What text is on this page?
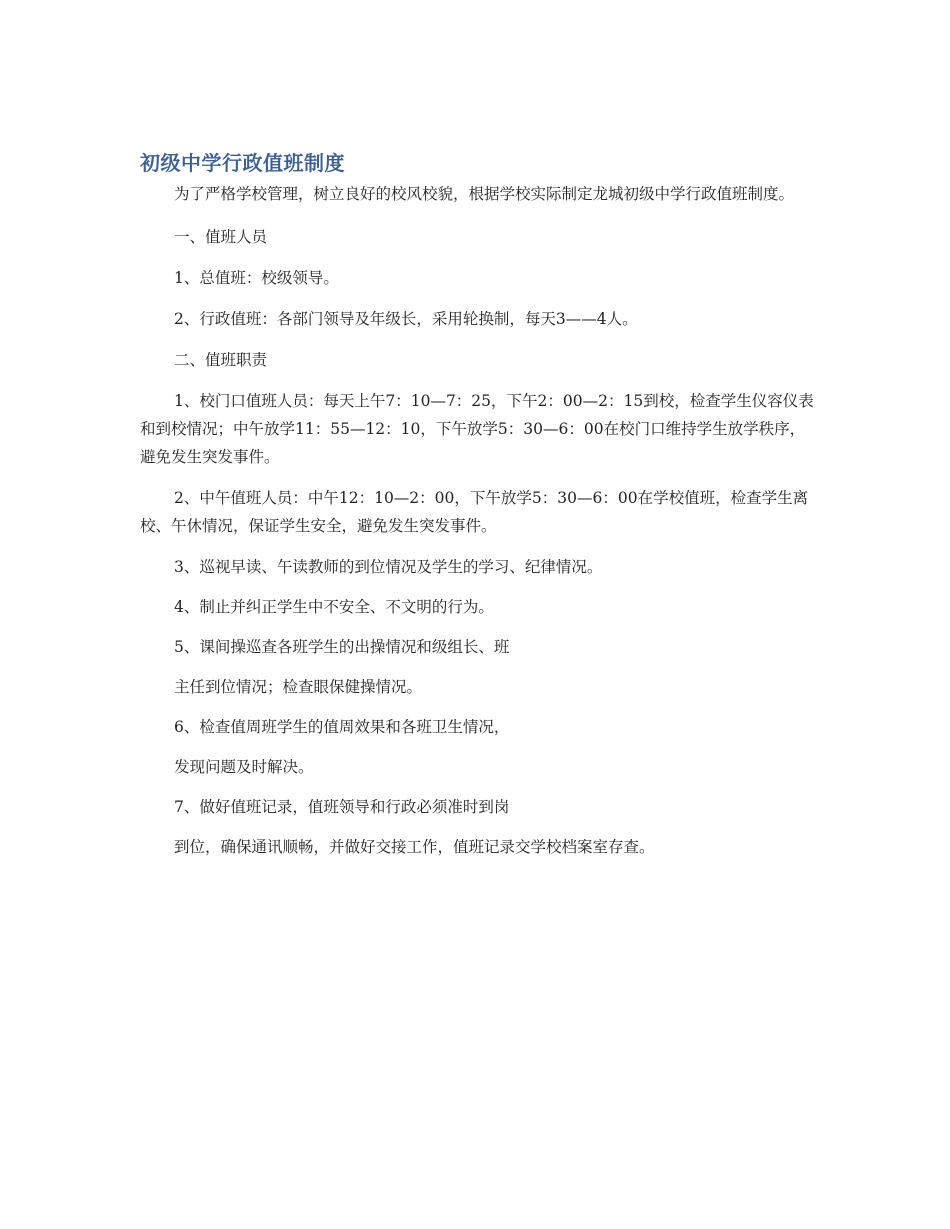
初级中学行政值班制度

为了严格学校管理，树立良好的校风校貌，根据学校实际制定龙城初级中学行政值班制度。

一、值班人员

1、总值班：校级领导。

2、行政值班：各部门领导及年级长，采用轮换制，每天3——4人。

二、值班职责

1、校门口值班人员：每天上午7：10—7：25，下午2：00—2：15到校，检查学生仪容仪表和到校情况；中午放学11：55—12：10，下午放学5：30—6：00在校门口维持学生放学秩序，避免发生突发事件。

2、中午值班人员：中午12：10—2：00，下午放学5：30—6：00在学校值班，检查学生离校、午休情况，保证学生安全，避免发生突发事件。

3、巡视早读、午读教师的到位情况及学生的学习、纪律情况。

4、制止并纠正学生中不安全、不文明的行为。

5、课间操巡查各班学生的出操情况和级组长、班

主任到位情况；检查眼保健操情况。

6、检查值周班学生的值周效果和各班卫生情况，

发现问题及时解决。

7、做好值班记录，值班领导和行政必须准时到岗

到位，确保通讯顺畅，并做好交接工作，值班记录交学校档案室存查。
